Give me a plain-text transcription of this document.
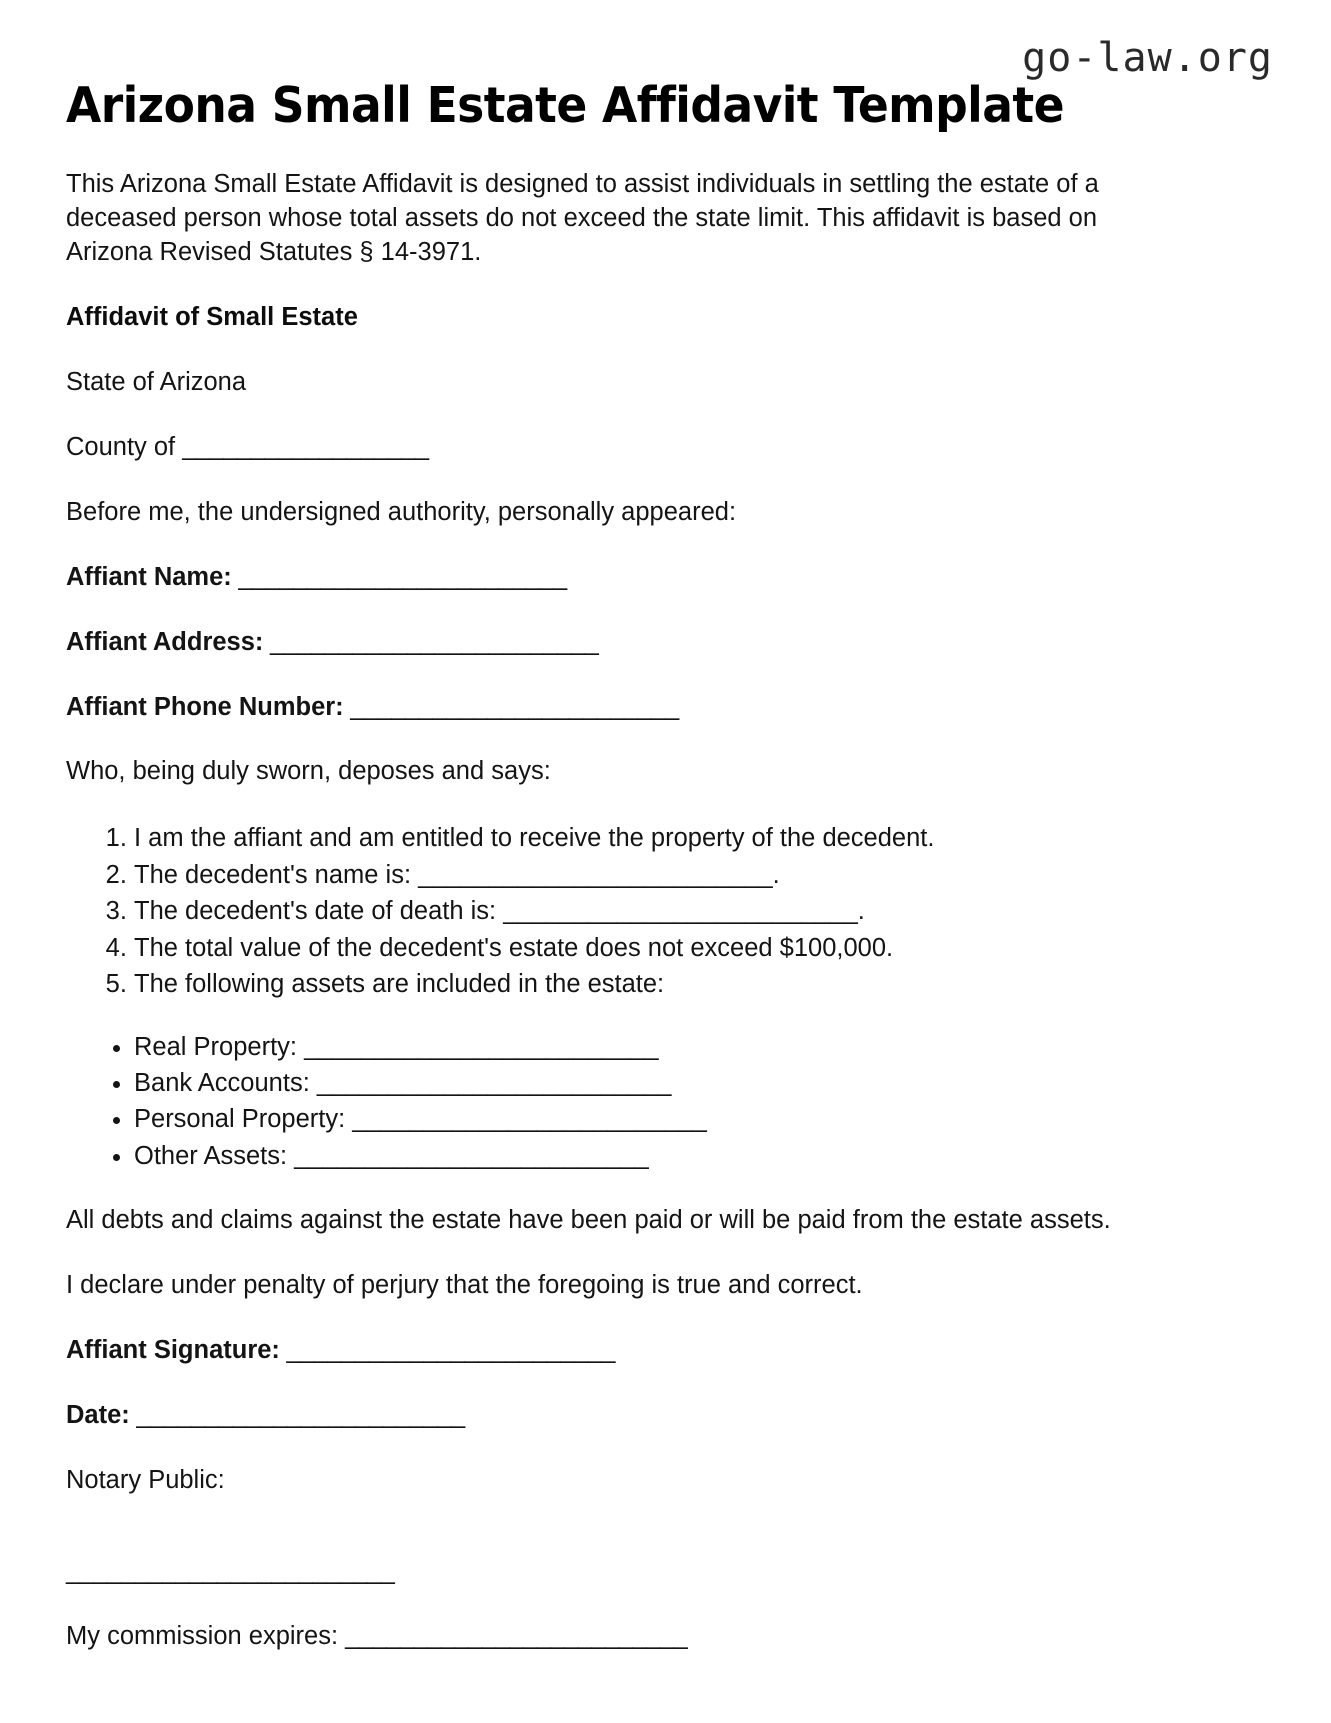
go-law.org
Arizona Small Estate Affidavit Template

This Arizona Small Estate Affidavit is designed to assist individuals in settling the estate of a deceased person whose total assets do not exceed the state limit. This affidavit is based on Arizona Revised Statutes § 14-3971.

Affidavit of Small Estate

State of Arizona

County of __________________

Before me, the undersigned authority, personally appeared:

Affiant Name: ________________________
Affiant Address: ________________________
Affiant Phone Number: ________________________

Who, being duly sworn, deposes and says:

1. I am the affiant and am entitled to receive the property of the decedent.
2. The decedent's name is: _________________________.
3. The decedent's date of death is: _________________________.
4. The total value of the decedent's estate does not exceed $100,000.
5. The following assets are included in the estate:
• Real Property: _________________________
• Bank Accounts: _________________________
• Personal Property: _________________________
• Other Assets: _________________________

All debts and claims against the estate have been paid or will be paid from the estate assets.

I declare under penalty of perjury that the foregoing is true and correct.

Affiant Signature: ________________________
Date: ________________________

Notary Public:

________________________
My commission expires: _________________________
